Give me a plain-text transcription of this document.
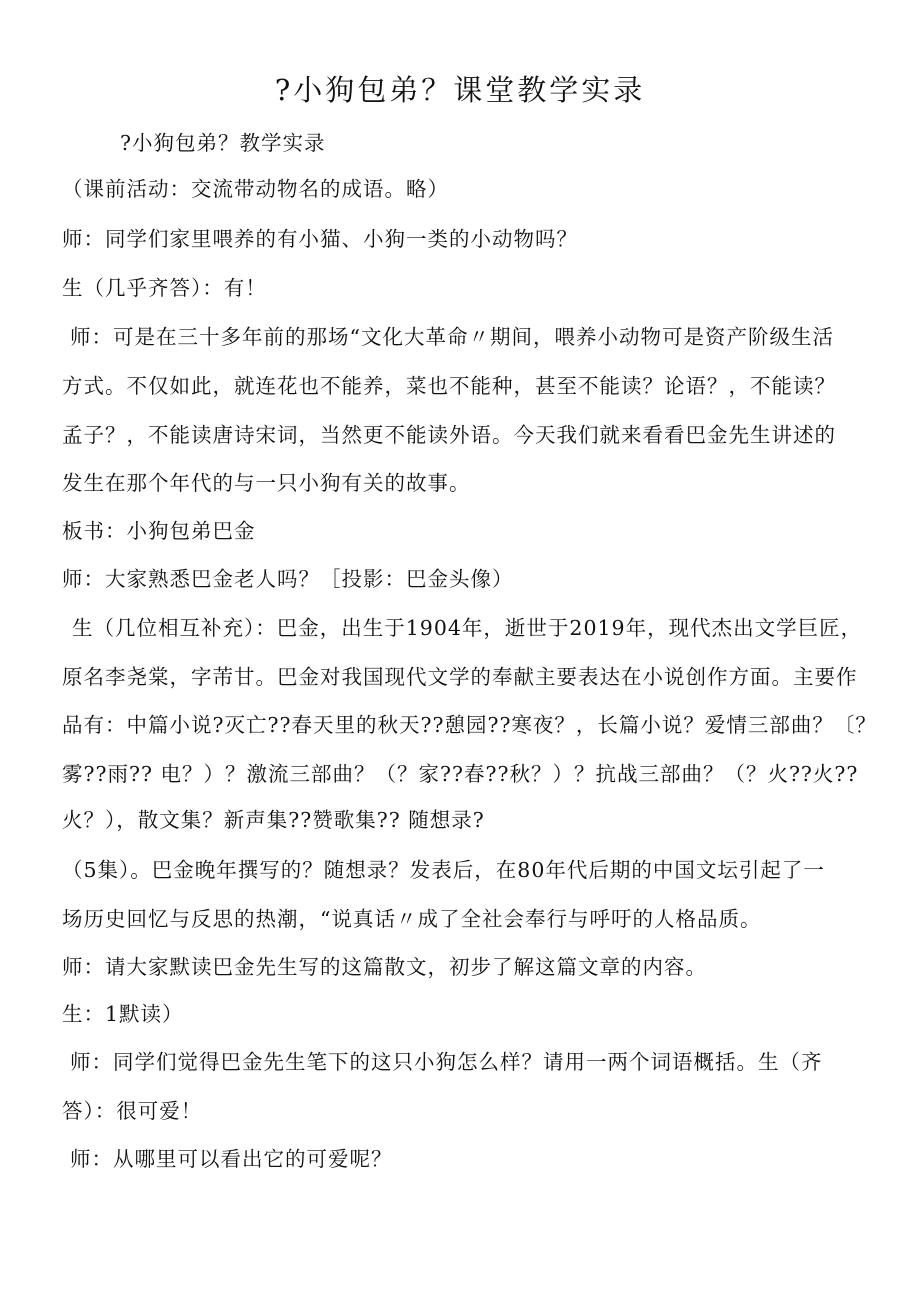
?小狗包弟？课堂教学实录
?小狗包弟？教学实录
（课前活动：交流带动物名的成语。略）
师：同学们家里喂养的有小猫、小狗一类的小动物吗？
生（几乎齐答）：有！
师：可是在三十多年前的那场“文化大革命〃期间，喂养小动物可是资产阶级生活
方式。不仅如此，就连花也不能养，菜也不能种，甚至不能读？论语？，不能读？
孟子？，不能读唐诗宋词，当然更不能读外语。今天我们就来看看巴金先生讲述的
发生在那个年代的与一只小狗有关的故事。
板书：小狗包弟巴金
师：大家熟悉巴金老人吗？［投影：巴金头像）
生（几位相互补充）：巴金，出生于1904年，逝世于2019年，现代杰出文学巨匠，
原名李尧棠，字芾甘。巴金对我国现代文学的奉献主要表达在小说创作方面。主要作
品有：中篇小说?灭亡??春天里的秋天??憩园??寒夜？，长篇小说？爱情三部曲？〔？
雾??雨?? 电？）？激流三部曲？（？家??春??秋？）？抗战三部曲？（？火??火??
火？），散文集？新声集??赞歌集?? 随想录?
（5集）。巴金晚年撰写的？随想录？发表后，在80年代后期的中国文坛引起了一
场历史回忆与反思的热潮，“说真话〃成了全社会奉行与呼吁的人格品质。
师：请大家默读巴金先生写的这篇散文，初步了解这篇文章的内容。
生：1默读）
师：同学们觉得巴金先生笔下的这只小狗怎么样？请用一两个词语概括。生（齐
答）：很可爱！
师：从哪里可以看出它的可爱呢？
